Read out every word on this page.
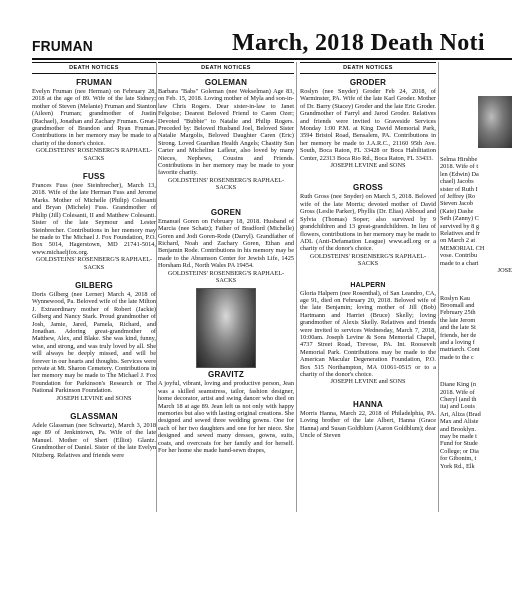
FRUMAN	March, 2018 Death Noti
DEATH NOTICES
FRUMAN
Evelyn Fruman (nee Herman) on February 28, 2018 at the age of 89. Wife of the late Sidney; mother of Steven (Melanie) Fruman and Stanton (Aileen) Fruman; grandmother of Justin (Rachael), Jonathan and Zachary Fruman. Great-grandmother of Brandon and Ryan Fruman. Contributions in her memory may be made to a charity of the donor's choice.
GOLDSTEINS' ROSENBERG'S RAPHAEL-SACKS
FUSS
Frances Fuss (nee Steinbrecher), March 13, 2018. Wife of the late Herman Fuss and Jerome Marks. Mother of Michelle (Philip) Colesanti and Bryan (Michele) Fuss. Grandmother of Philip (Jill) Colesanti, II and Matthew Colesanti. Sister of the late Seymour and Lester Steinbrecher. Contributions in her memory may be made to The Michael J. Fox Foundation, P.O. Box 5014, Hagerstown, MD 21741-5014, www.michaeljfox.org.
GOLDSTEINS' ROSENBERG'S RAPHAEL-SACKS
GILBERG
Doris Gilberg (nee Lerner) March 4, 2018 of Wynnewood, Pa. Beloved wife of the late Milton J. Extraordinary mother of Robert (Jackie) Gilberg and Nancy Stark. Proud grandmother of Josh, Jamie, Jared, Pamela, Richard, and Jonathan. Adoring great-grandmother of Matthew, Alex, and Blake. She was kind, funny, wise, and strong, and was truly loved by all. She will always be deeply missed, and will be forever in our hearts and thoughts. Services were private at Mt. Sharon Cemetery. Contributions in her memory may be made to The Michael J. Fox Foundation for Parkinson's Research or The National Parkinson Foundation.
JOSEPH LEVINE and SONS
GLASSMAN
Adele Glassman (nee Schwartz), March 3, 2018 age 89 of Jenkintown, Pa. Wife of the late Manuel. Mother of Sheri (Elliot) Glantz. Grandmother of Daniel. Sister of the late Evelyn Nitzberg. Relatives and friends were
DEATH NOTICES
GOLEMAN
Barbara "Babs" Goleman (nee Wekselman) Age 83, on Feb. 15, 2018. Loving mother of Myla and son-in-law Chris Rogers. Dear sister-in-law to Janet Felgoise; Dearest Beloved Friend to Caren Ozer; Devoted "Bubbie" to Natalie and Philip Rogers. Preceded by: Beloved Husband Joel, Beloved Sister Natalie Margolis, Beloved Daughter Caren (Eric) Strong. Loved Guardian Health Angels; Chastity Sun Carter and Micheline Lafleur, also loved by many Nieces, Nephews, Cousins and Friends. Contributions in her memory may be made to your favorite charity.
GOLDSTEINS' ROSENBERG'S RAPHAEL-SACKS
GOREN
Emanuel Goren on February 18, 2018. Husband of Marcia (nee Schatz); Father of Bradford (Michelle) Goren and Jodi Goren-Rode (Darryl). Grandfather of Richard, Noah and Zachary Goren, Ethan and Benjamin Rode. Contributions in his memory may be made to the Abramson Center for Jewish Life, 1425 Horsham Rd., North Wales PA 19454.
GOLDSTEINS' ROSENBERG'S RAPHAEL-SACKS
GRAVITZ
A joyful, vibrant, loving and productive person, Jean was a skilled seamstress, tailor, fashion designer, home decorator, artist and swing dancer who died on March 18 at age 89. Jean left us not only with happy memories but also with lasting original creations. She designed and sewed three wedding gowns. One for each of her two daughters and one for her niece. She designed and sewed many dresses, gowns, suits, coats, and overcoats for her family and for herself. For her home she made hand-sewn drapes,
DEATH NOTICES
GRODER
Roslyn (nee Snyder) Groder Feb 24, 2018, of Warminster, PA. Wife of the late Karl Groder. Mother of Dr. Barry (Stacey) Groder and the late Eric Groder. Grandmother of Farryl and Jarod Groder. Relatives and friends were invited to Graveside Services Monday 1:00 P.M. at King David Memorial Park, 3594 Bristol Road, Bensalem, PA. Contributions in her memory be made to J.A.R.C., 21160 95th Ave. South, Boca Raton, FL 33428 or Boca Habilitation Center, 22313 Boca Rio Rd., Boca Raton, FL 33433.
JOSEPH LEVINE and SONS
GROSS
Ruth Gross (nee Snyder) on March 5, 2018. Beloved wife of the late Morris; devoted mother of David Gross (Leslie Parker), Phyllis (Dr. Elias) Abboud and Sylvia (Thomas) Soper; also survived by 9 grandchildren and 13 great-grandchildren. In lieu of flowers, contributions in her memory may be made to ADL (Anti-Defamation League) www.adl.org or a charity of the donor's choice.
GOLDSTEINS' ROSENBERG'S RAPHAEL-SACKS
HALPERN
Gloria Halpern (nee Rosenthal), of San Leandro, CA, age 91, died on February 20, 2018. Beloved wife of the late Benjamin; loving mother of Jill (Bob) Hartmann and Harriet (Bruce) Skelly; loving grandmother of Alexis Skelly. Relatives and friends were invited to services Wednesday, March 7, 2018, 10:00am. Joseph Levine & Sons Memorial Chapel, 4737 Street Road, Trevose, PA. Int. Roosevelt Memorial Park. Contributions may be made to the American Macular Degeneration Foundation, P.O. Box 515 Northampton, MA 01061-0515 or to a charity of the donor's choice.
JOSEPH LEVINE and SONS
HANNA
Morris Hanna, March 22, 2018 of Philadelphia, PA. Loving brother of the late Albert, Hanna (Grace Hanna) and Susan Goldblum (Aaron Goldblum); dear Uncle of Steven
Selma Hirshbe
2018. Wife of t
len (Edwin) Da
chael) Jacobs
sister of Ruth I
of Jeffrey (Ro
Steven Jacob
(Kate) Dashe
Seth (Zanny) C
survived by 8 g
Relatives and fr
on March 2 at
MEMORIAL CH
vose. Contribu
made to a chari
JOSE
Roslyn Kau
Broomall and
February 25th
the late Jerom
and the late St
friends, her de
and a loving f
matriarch. Cont
made to the c
Diane King (n
2018. Wife of
Cheryl (and th
ita) and Louis
Ari, Aliza (Brad
Max and Aliste
and Brooklyn.
may be made t
Fund for Stude
College; or Dia
for Gibonim, t
York Rd., Elk
